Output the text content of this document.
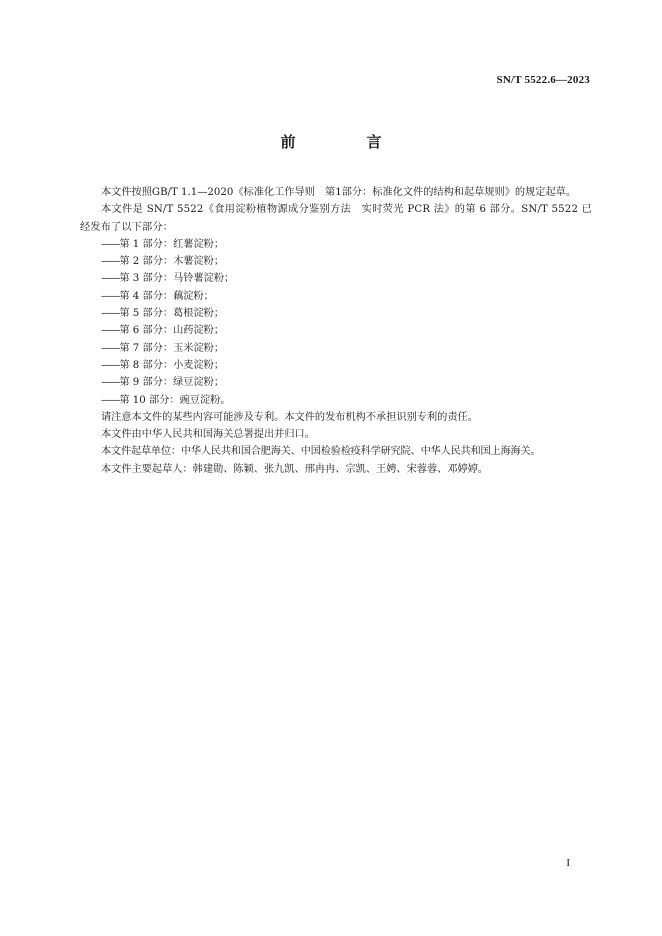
SN/T 5522.6—2023
前　言

本文件按照GB/T 1.1—2020《标准化工作导则　第1部分：标准化文件的结构和起草规则》的规定起草。

本文件是 SN/T 5522《食用淀粉植物源成分鉴别方法　实时荧光 PCR 法》的第 6 部分。SN/T 5522 已经发布了以下部分：

——第 1 部分：红薯淀粉；

——第 2 部分：木薯淀粉；

——第 3 部分：马铃薯淀粉；

——第 4 部分：藕淀粉；

——第 5 部分：葛根淀粉；

——第 6 部分：山药淀粉；

——第 7 部分：玉米淀粉；

——第 8 部分：小麦淀粉；

——第 9 部分：绿豆淀粉；

——第 10 部分：豌豆淀粉。

请注意本文件的某些内容可能涉及专利。本文件的发布机构不承担识别专利的责任。

本文件由中华人民共和国海关总署提出并归口。

本文件起草单位：中华人民共和国合肥海关、中国检验检疫科学研究院、中华人民共和国上海海关。

本文件主要起草人：韩建勋、陈颖、张九凯、邢冉冉、宗凯、王娉、宋蓉蓉、邓婷婷。

I
